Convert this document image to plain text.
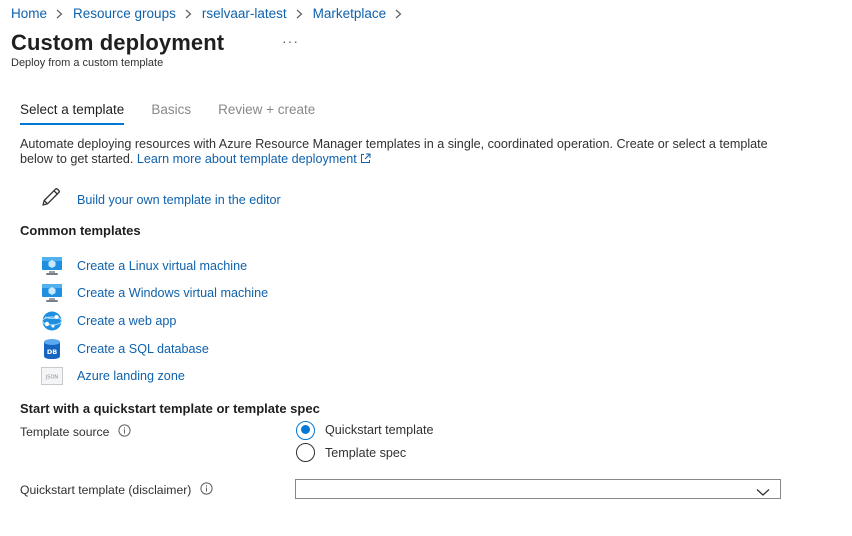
Home Resource groups rselvaar-latest Marketplace
Custom deployment	···
Deploy from a custom template
Select a template Basics Review + create

Automate deploying resources with Azure Resource Manager templates in a single, coordinated operation. Create or select a template below to get started. Learn more about template deployment

Build your own template in the editor
Common templates
Create a Linux virtual machine
Create a Windows virtual machine
Create a web app
DB Create a SQL database
JSON Azure landing zone
Start with a quickstart template or template spec
Template source	Quickstart template
Template spec
Quickstart template (disclaimer)
